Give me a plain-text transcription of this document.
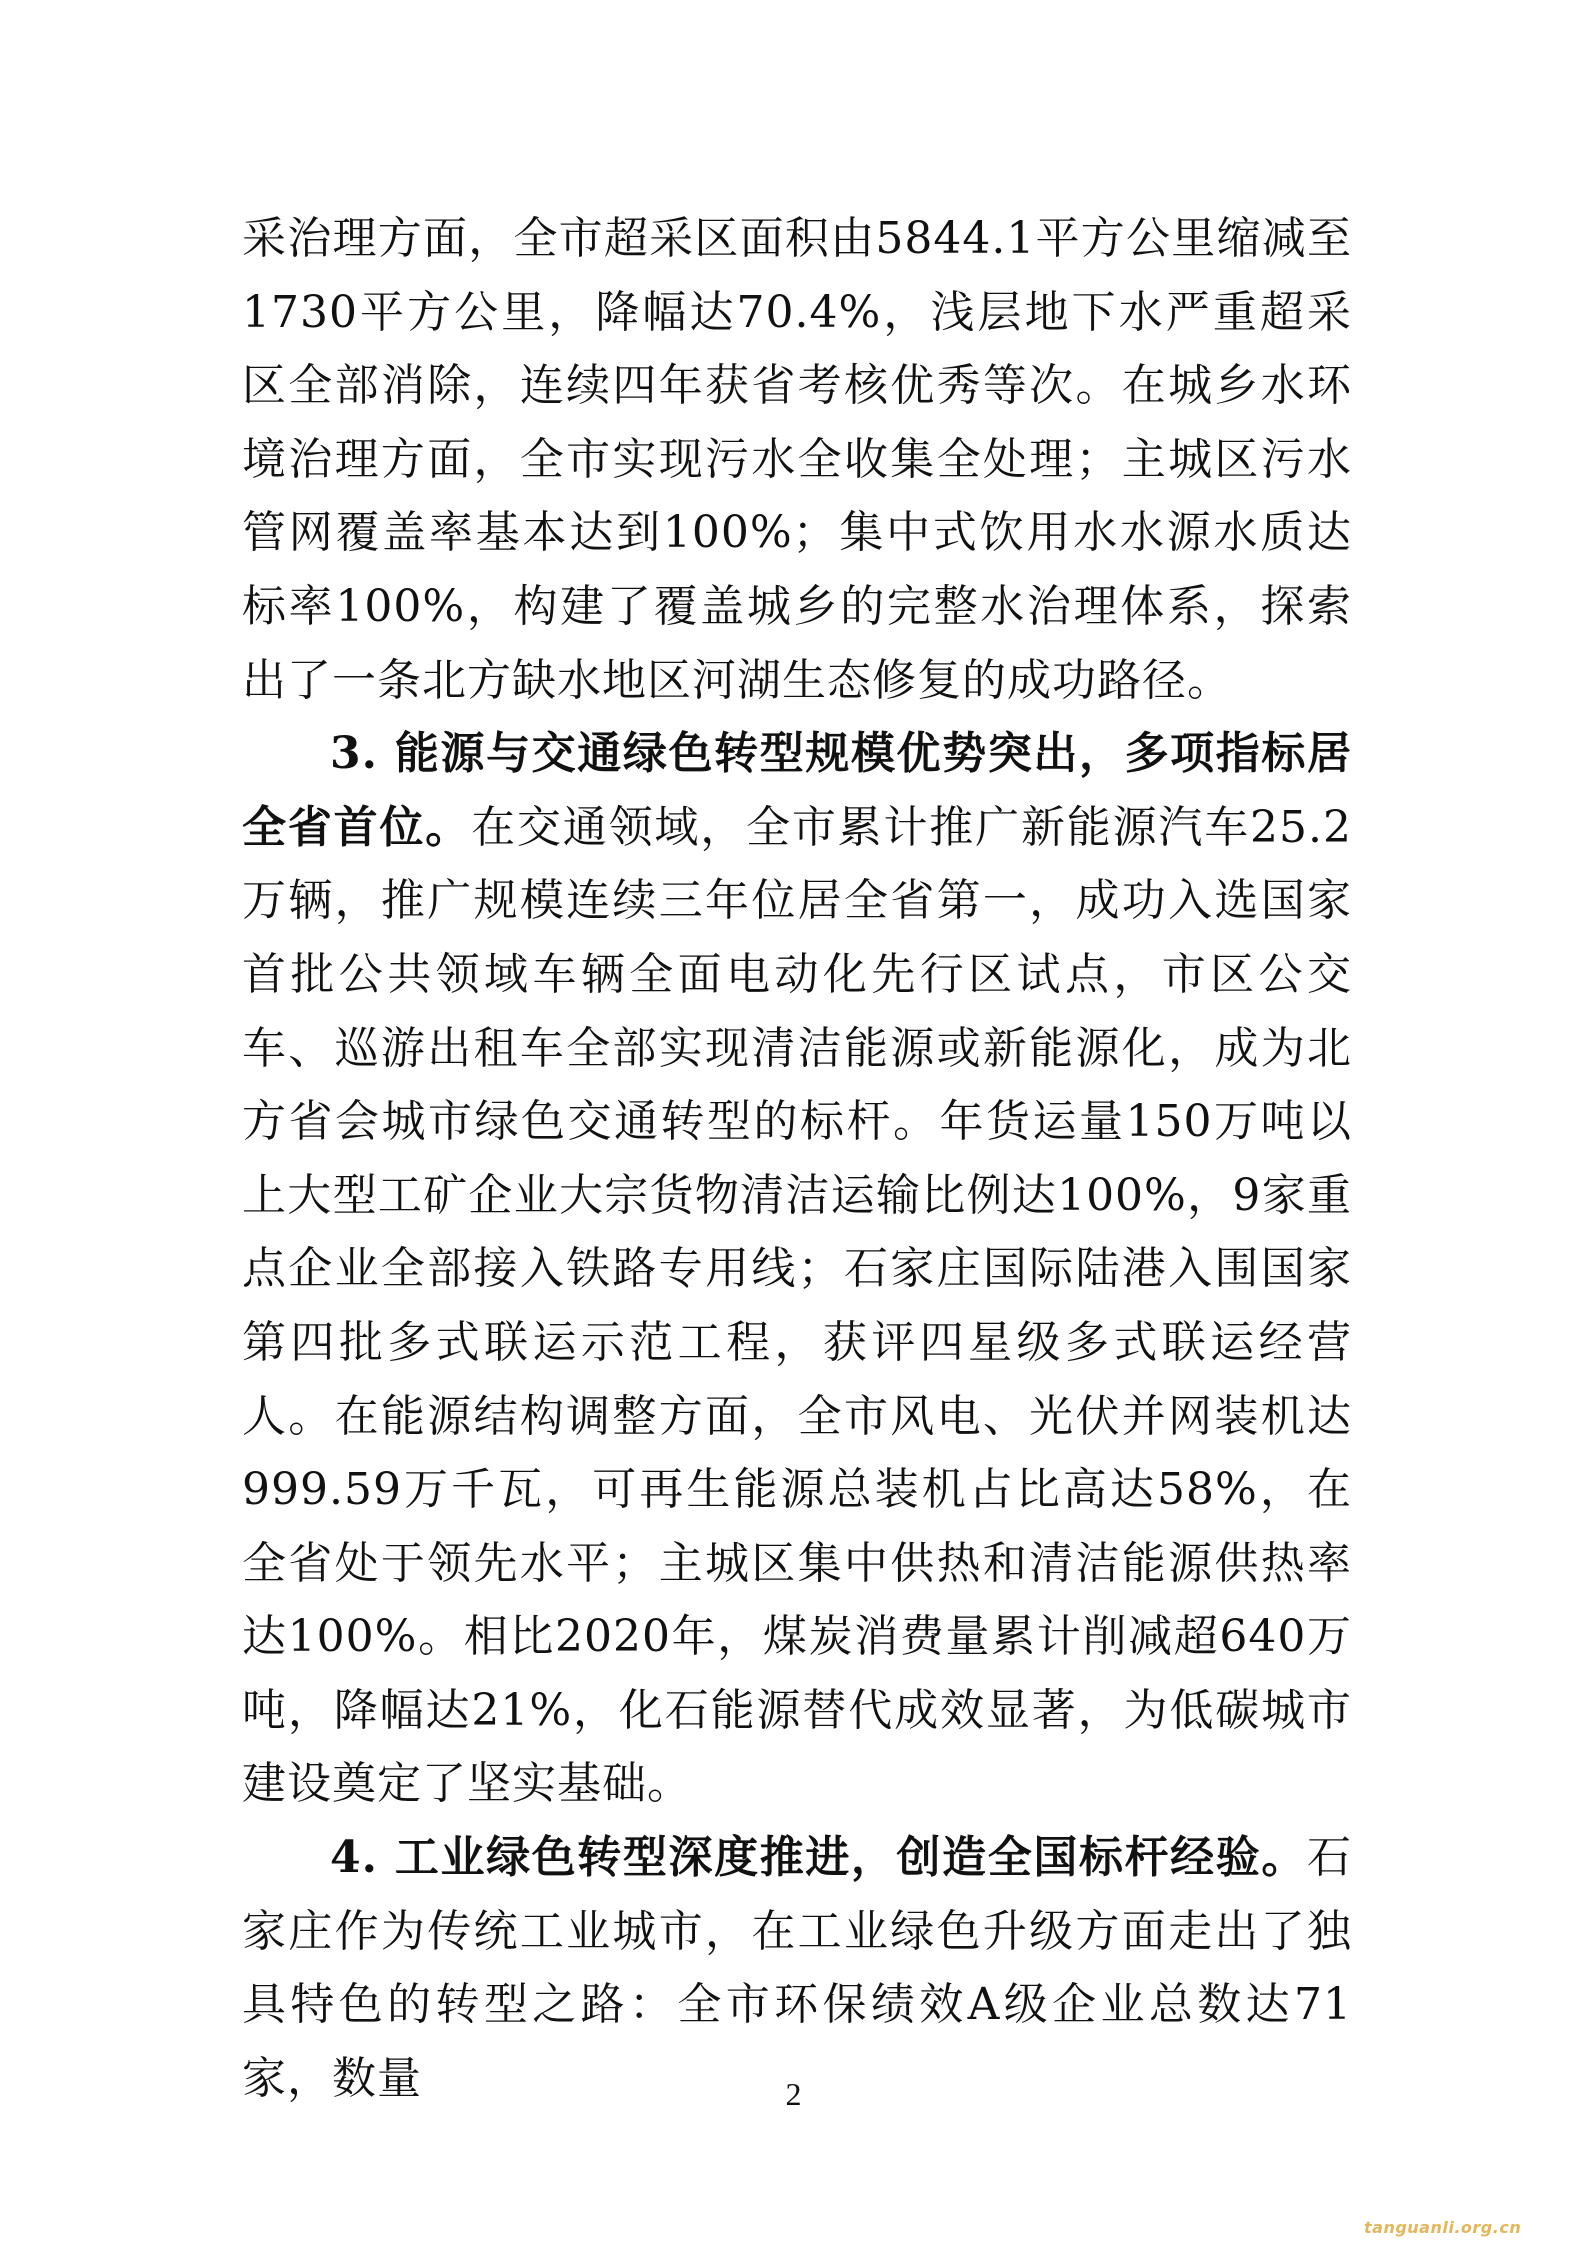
采治理方面，全市超采区面积由5844.1平方公里缩减至1730平方公里，降幅达70.4%，浅层地下水严重超采区全部消除，连续四年获省考核优秀等次。在城乡水环境治理方面，全市实现污水全收集全处理；主城区污水管网覆盖率基本达到100%；集中式饮用水水源水质达标率100%，构建了覆盖城乡的完整水治理体系，探索出了一条北方缺水地区河湖生态修复的成功路径。

3. 能源与交通绿色转型规模优势突出，多项指标居全省首位。在交通领域，全市累计推广新能源汽车25.2万辆，推广规模连续三年位居全省第一，成功入选国家首批公共领域车辆全面电动化先行区试点，市区公交车、巡游出租车全部实现清洁能源或新能源化，成为北方省会城市绿色交通转型的标杆。年货运量150万吨以上大型工矿企业大宗货物清洁运输比例达100%，9家重点企业全部接入铁路专用线；石家庄国际陆港入围国家第四批多式联运示范工程，获评四星级多式联运经营人。在能源结构调整方面，全市风电、光伏并网装机达999.59万千瓦，可再生能源总装机占比高达58%，在全省处于领先水平；主城区集中供热和清洁能源供热率达100%。相比2020年，煤炭消费量累计削减超640万吨，降幅达21%，化石能源替代成效显著，为低碳城市建设奠定了坚实基础。

4. 工业绿色转型深度推进，创造全国标杆经验。石家庄作为传统工业城市，在工业绿色升级方面走出了独具特色的转型之路：全市环保绩效A级企业总数达71家，数量	2
tanguanli.org.cn
